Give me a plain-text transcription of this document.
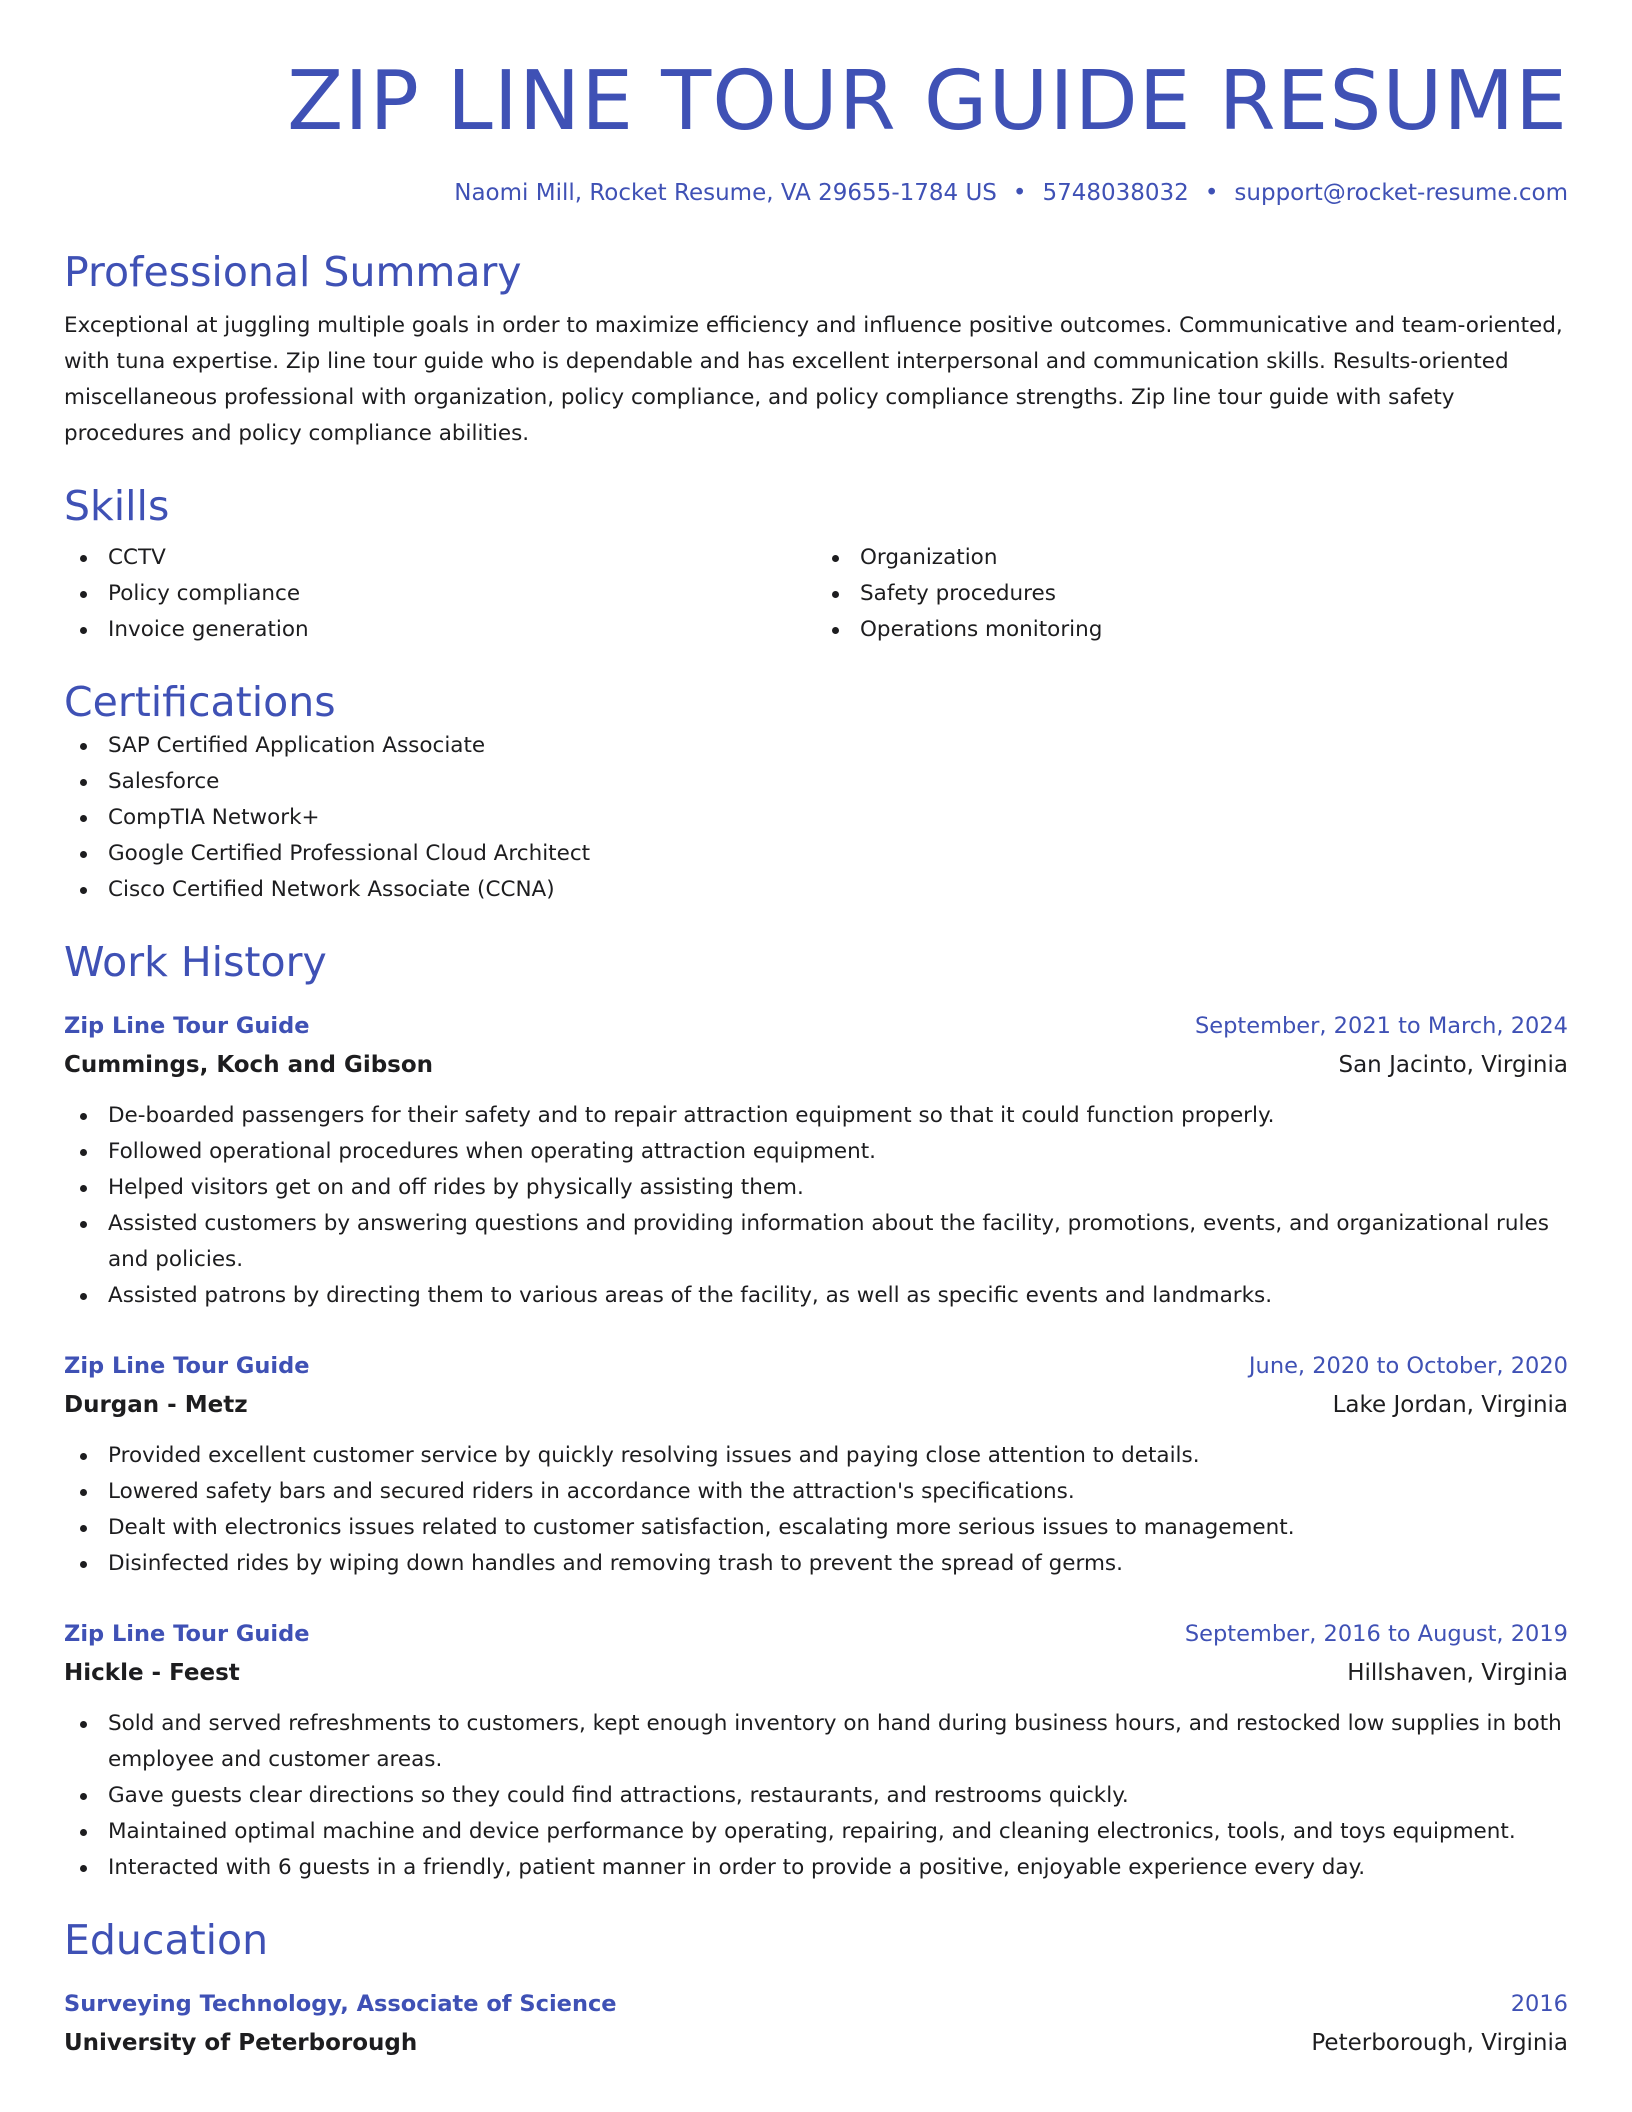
ZIP LINE TOUR GUIDE RESUME
Naomi Mill, Rocket Resume, VA 29655-1784 US • 5748038032 • support@rocket-resume.com
Professional Summary

Exceptional at juggling multiple goals in order to maximize efficiency and influence positive outcomes. Communicative and team-oriented, with tuna expertise. Zip line tour guide who is dependable and has excellent interpersonal and communication skills. Results-oriented miscellaneous professional with organization, policy compliance, and policy compliance strengths. Zip line tour guide with safety procedures and policy compliance abilities.

Skills
CCTV
Policy compliance
Invoice generation
Organization
Safety procedures
Operations monitoring
Certifications
SAP Certified Application Associate
Salesforce
CompTIA Network+
Google Certified Professional Cloud Architect
Cisco Certified Network Associate (CCNA)
Work History
Zip Line Tour Guide	September, 2021 to March, 2024
Cummings, Koch and Gibson	San Jacinto, Virginia
De-boarded passengers for their safety and to repair attraction equipment so that it could function properly.
Followed operational procedures when operating attraction equipment.
Helped visitors get on and off rides by physically assisting them.
Assisted customers by answering questions and providing information about the facility, promotions, events, and organizational rules and policies.
Assisted patrons by directing them to various areas of the facility, as well as specific events and landmarks.
Zip Line Tour Guide	June, 2020 to October, 2020
Durgan - Metz	Lake Jordan, Virginia
Provided excellent customer service by quickly resolving issues and paying close attention to details.
Lowered safety bars and secured riders in accordance with the attraction's specifications.
Dealt with electronics issues related to customer satisfaction, escalating more serious issues to management.
Disinfected rides by wiping down handles and removing trash to prevent the spread of germs.
Zip Line Tour Guide	September, 2016 to August, 2019
Hickle - Feest	Hillshaven, Virginia
Sold and served refreshments to customers, kept enough inventory on hand during business hours, and restocked low supplies in both employee and customer areas.
Gave guests clear directions so they could find attractions, restaurants, and restrooms quickly.
Maintained optimal machine and device performance by operating, repairing, and cleaning electronics, tools, and toys equipment.
Interacted with 6 guests in a friendly, patient manner in order to provide a positive, enjoyable experience every day.
Education
Surveying Technology, Associate of Science	2016
University of Peterborough	Peterborough, Virginia
